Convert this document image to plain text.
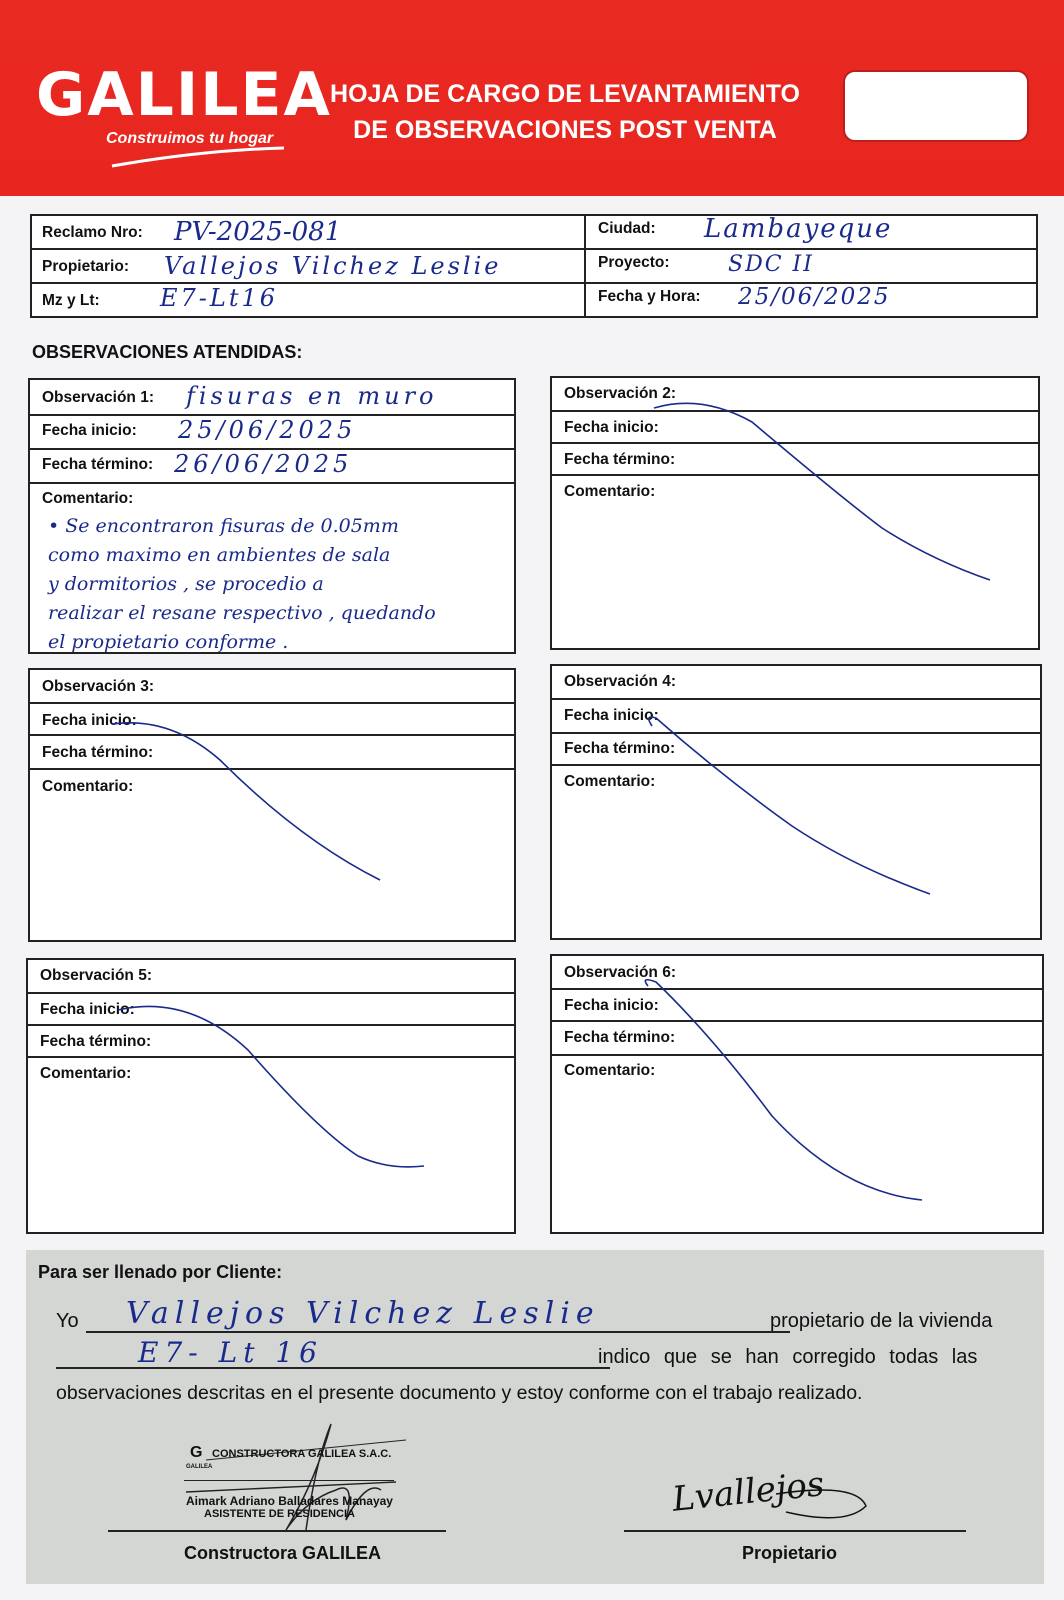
GALILEA
Construimos tu hogar
HOJA DE CARGO DE LEVANTAMIENTO
DE OBSERVACIONES POST VENTA
Reclamo Nro: PV-2025-081
Propietario: Vallejos Vilchez Leslie
Mz y Lt:	E7-Lt16
Ciudad: Lambayeque
Proyecto:	SDC II
Fecha y Hora: 25/06/2025
OBSERVACIONES ATENDIDAS:
Observación 1: fisuras en muro
Fecha inicio: 25/06/2025
Fecha término: 26/06/2025
Comentario:
• Se encontraron fisuras de 0.05mm
como maximo en ambientes de sala
y dormitorios , se procedio a
realizar el resane respectivo , quedando
el propietario conforme .
Observación 2:
Fecha inicio:
Fecha término:
Comentario:
Observación 3:
Fecha inicio:
Fecha término:
Comentario:
Observación 4:
Fecha inicio:
Fecha término:
Comentario:
Observación 5:
Fecha inicio:
Fecha término:
Comentario:
Observación 6:
Fecha inicio:
Fecha término:
Comentario:
Para ser llenado por Cliente:
Yo Vallejos Vilchez Leslie	propietario de la vivienda
E7- Lt 16	indico que se han corregido todas las
observaciones descritas en el presente documento y estoy conforme con el trabajo realizado.
G
GALILEA
CONSTRUCTORA GALILEA S.A.C.
Aimark Adriano Balladares Manayay
ASISTENTE DE RESIDENCIA
Constructora GALILEA
Lvallejos
Propietario
